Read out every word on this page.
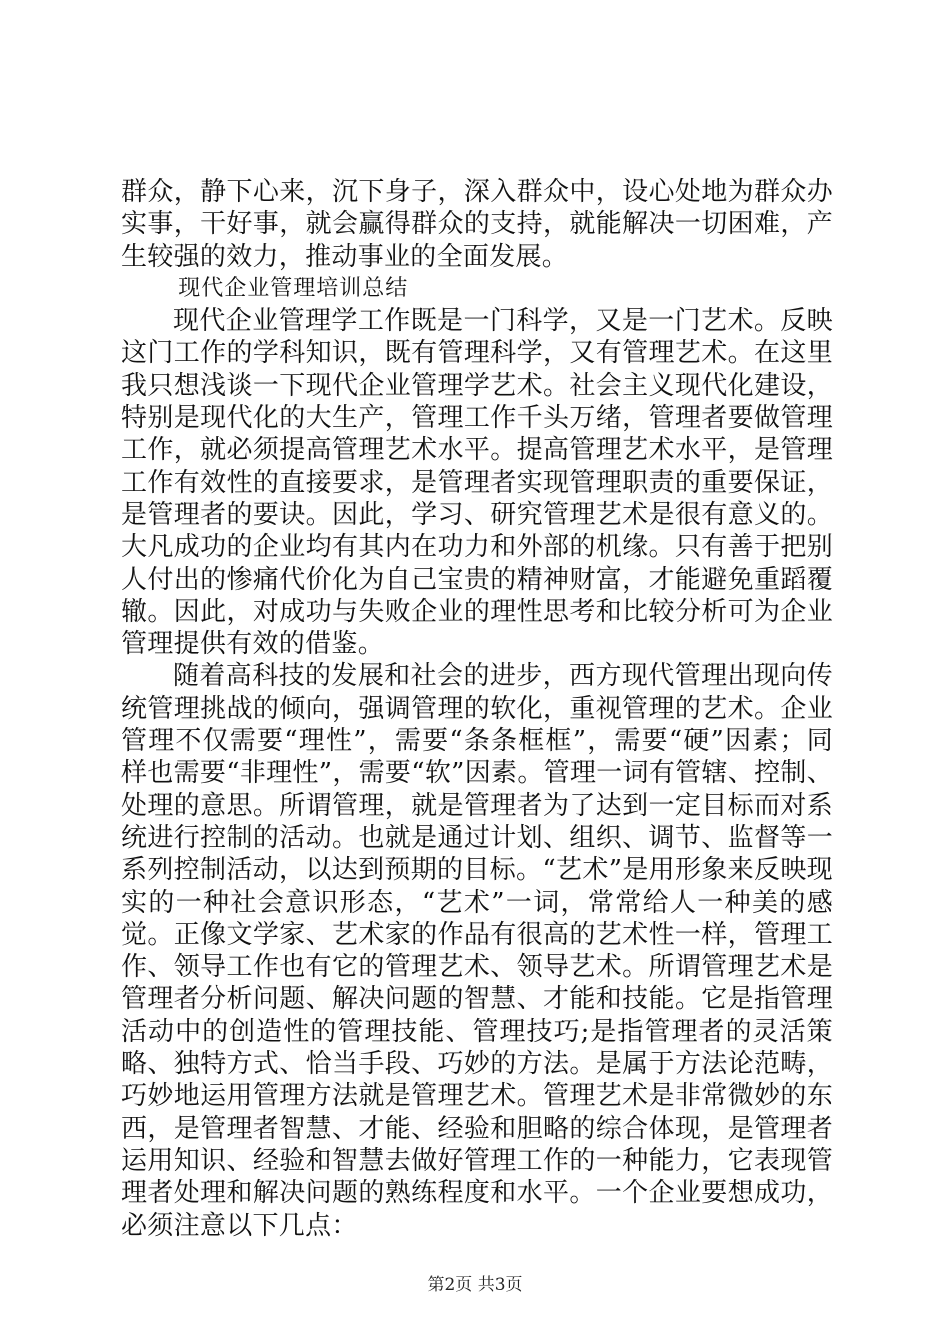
群众，静下心来，沉下身子，深入群众中，设心处地为群众办实事，干好事，就会赢得群众的支持，就能解决一切困难，产生较强的效力，推动事业的全面发展。

现代企业管理培训总结

现代企业管理学工作既是一门科学，又是一门艺术。反映这门工作的学科知识，既有管理科学，又有管理艺术。在这里我只想浅谈一下现代企业管理学艺术。社会主义现代化建设，特别是现代化的大生产，管理工作千头万绪，管理者要做管理工作，就必须提高管理艺术水平。提高管理艺术水平，是管理工作有效性的直接要求，是管理者实现管理职责的重要保证，是管理者的要诀。因此，学习、研究管理艺术是很有意义的。大凡成功的企业均有其内在功力和外部的机缘。只有善于把别人付出的惨痛代价化为自己宝贵的精神财富，才能避免重蹈覆辙。因此，对成功与失败企业的理性思考和比较分析可为企业管理提供有效的借鉴。

随着高科技的发展和社会的进步，西方现代管理出现向传统管理挑战的倾向，强调管理的软化，重视管理的艺术。企业管理不仅需要“理性”，需要“条条框框”，需要“硬”因素；同样也需要“非理性”，需要“软”因素。管理一词有管辖、控制、处理的意思。所谓管理，就是管理者为了达到一定目标而对系统进行控制的活动。也就是通过计划、组织、调节、监督等一系列控制活动，以达到预期的目标。“艺术”是用形象来反映现实的一种社会意识形态，“艺术”一词，常常给人一种美的感觉。正像文学家、艺术家的作品有很高的艺术性一样，管理工作、领导工作也有它的管理艺术、领导艺术。所谓管理艺术是管理者分析问题、解决问题的智慧、才能和技能。它是指管理活动中的创造性的管理技能、管理技巧;是指管理者的灵活策略、独特方式、恰当手段、巧妙的方法。是属于方法论范畴，巧妙地运用管理方法就是管理艺术。管理艺术是非常微妙的东西，是管理者智慧、才能、经验和胆略的综合体现，是管理者运用知识、经验和智慧去做好管理工作的一种能力，它表现管理者处理和解决问题的熟练程度和水平。一个企业要想成功，必须注意以下几点：

第2页 共3页
